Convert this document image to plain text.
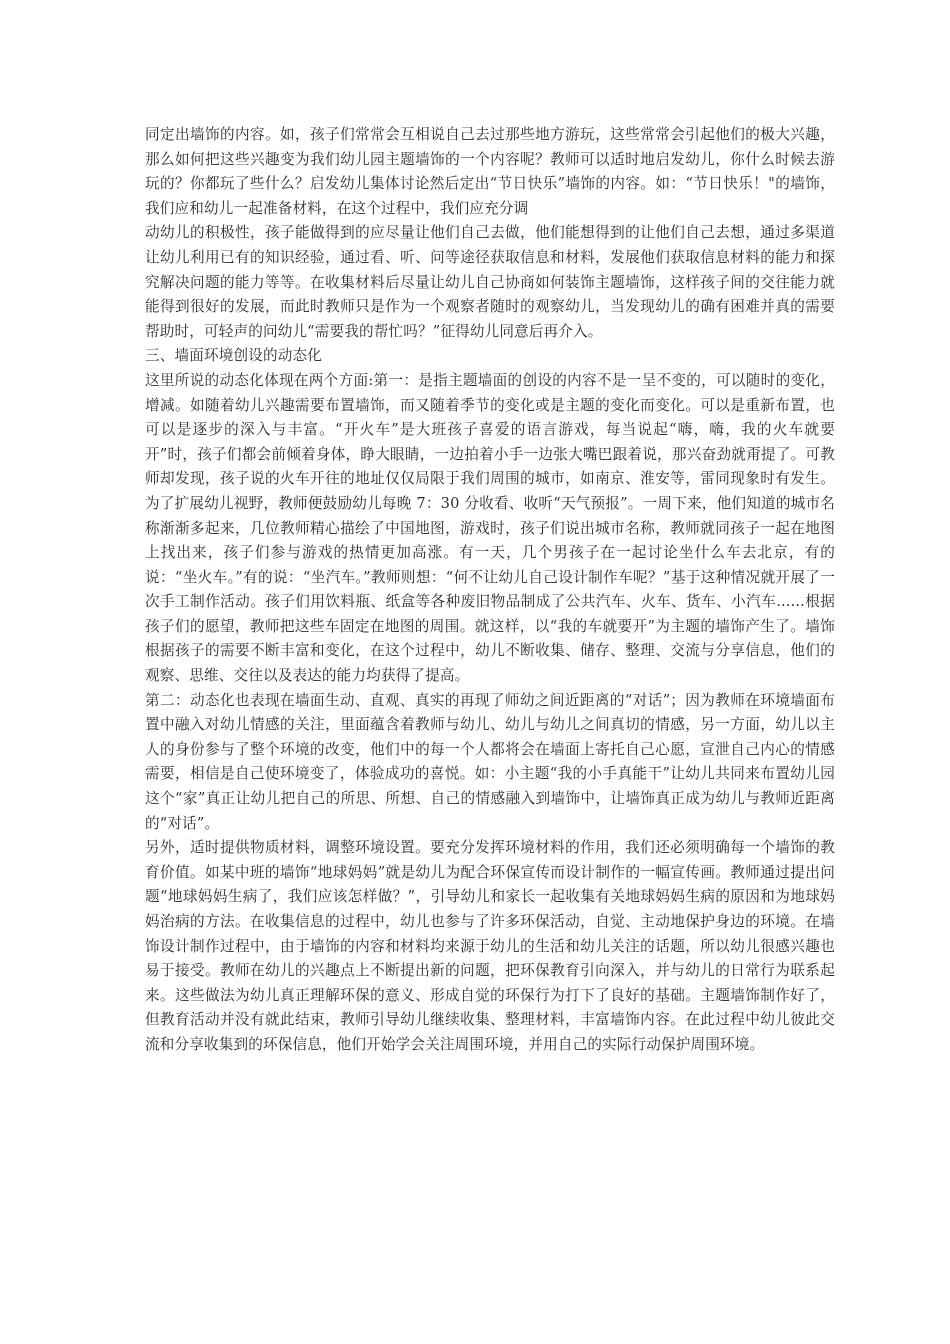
同定出墙饰的内容。如，孩子们常常会互相说自己去过那些地方游玩，这些常常会引起他们的极大兴趣，那么如何把这些兴趣变为我们幼儿园主题墙饰的一个内容呢？教师可以适时地启发幼儿，你什么时候去游玩的？你都玩了些什么？启发幼儿集体讨论然后定出“节日快乐”墙饰的内容。如：“节日快乐！"的墙饰，我们应和幼儿一起准备材料，在这个过程中，我们应充分调

动幼儿的积极性，孩子能做得到的应尽量让他们自己去做，他们能想得到的让他们自己去想，通过多渠道让幼儿利用已有的知识经验，通过看、听、问等途径获取信息和材料，发展他们获取信息材料的能力和探究解决问题的能力等等。在收集材料后尽量让幼儿自己协商如何装饰主题墙饰，这样孩子间的交往能力就能得到很好的发展，而此时教师只是作为一个观察者随时的观察幼儿，当发现幼儿的确有困难并真的需要帮助时，可轻声的问幼儿“需要我的帮忙吗？”征得幼儿同意后再介入。

三、墙面环境创设的动态化

这里所说的动态化体现在两个方面:第一：是指主题墙面的创设的内容不是一呈不变的，可以随时的变化，增减。如随着幼儿兴趣需要布置墙饰，而又随着季节的变化或是主题的变化而变化。可以是重新布置，也可以是逐步的深入与丰富。“开火车”是大班孩子喜爱的语言游戏，每当说起“嗨，嗨，我的火车就要开”时，孩子们都会前倾着身体，睁大眼睛，一边拍着小手一边张大嘴巴跟着说，那兴奋劲就甭提了。可教师却发现，孩子说的火车开往的地址仅仅局限于我们周围的城市，如南京、淮安等，雷同现象时有发生。为了扩展幼儿视野，教师便鼓励幼儿每晚 7：30 分收看、收听“天气预报”。一周下来，他们知道的城市名称渐渐多起来，几位教师精心描绘了中国地图，游戏时，孩子们说出城市名称，教师就同孩子一起在地图上找出来，孩子们参与游戏的热情更加高涨。有一天，几个男孩子在一起讨论坐什么车去北京，有的说：“坐火车。”有的说：“坐汽车。”教师则想：“何不让幼儿自己设计制作车呢？”基于这种情况就开展了一次手工制作活动。孩子们用饮料瓶、纸盒等各种废旧物品制成了公共汽车、火车、货车、小汽车......根据孩子们的愿望，教师把这些车固定在地图的周围。就这样，以“我的车就要开”为主题的墙饰产生了。墙饰根据孩子的需要不断丰富和变化，在这个过程中，幼儿不断收集、储存、整理、交流与分享信息，他们的观察、思维、交往以及表达的能力均获得了提高。

第二：动态化也表现在墙面生动、直观、真实的再现了师幼之间近距离的“对话”；因为教师在环境墙面布置中融入对幼儿情感的关注，里面蕴含着教师与幼儿、幼儿与幼儿之间真切的情感，另一方面，幼儿以主人的身份参与了整个环境的改变，他们中的每一个人都将会在墙面上寄托自己心愿，宣泄自己内心的情感需要，相信是自己使环境变了，体验成功的喜悦。如：小主题“我的小手真能干”让幼儿共同来布置幼儿园这个“家”真正让幼儿把自己的所思、所想、自己的情感融入到墙饰中，让墙饰真正成为幼儿与教师近距离的“对话”。

另外，适时提供物质材料，调整环境设置。要充分发挥环境材料的作用，我们还必须明确每一个墙饰的教育价值。如某中班的墙饰“地球妈妈”就是幼儿为配合环保宣传而设计制作的一幅宣传画。教师通过提出问题“地球妈妈生病了，我们应该怎样做？”，引导幼儿和家长一起收集有关地球妈妈生病的原因和为地球妈妈治病的方法。在收集信息的过程中，幼儿也参与了许多环保活动，自觉、主动地保护身边的环境。在墙饰设计制作过程中，由于墙饰的内容和材料均来源于幼儿的生活和幼儿关注的话题，所以幼儿很感兴趣也易于接受。教师在幼儿的兴趣点上不断提出新的问题，把环保教育引向深入，并与幼儿的日常行为联系起来。这些做法为幼儿真正理解环保的意义、形成自觉的环保行为打下了良好的基础。主题墙饰制作好了，但教育活动并没有就此结束，教师引导幼儿继续收集、整理材料，丰富墙饰内容。在此过程中幼儿彼此交流和分享收集到的环保信息，他们开始学会关注周围环境，并用自己的实际行动保护周围环境。
